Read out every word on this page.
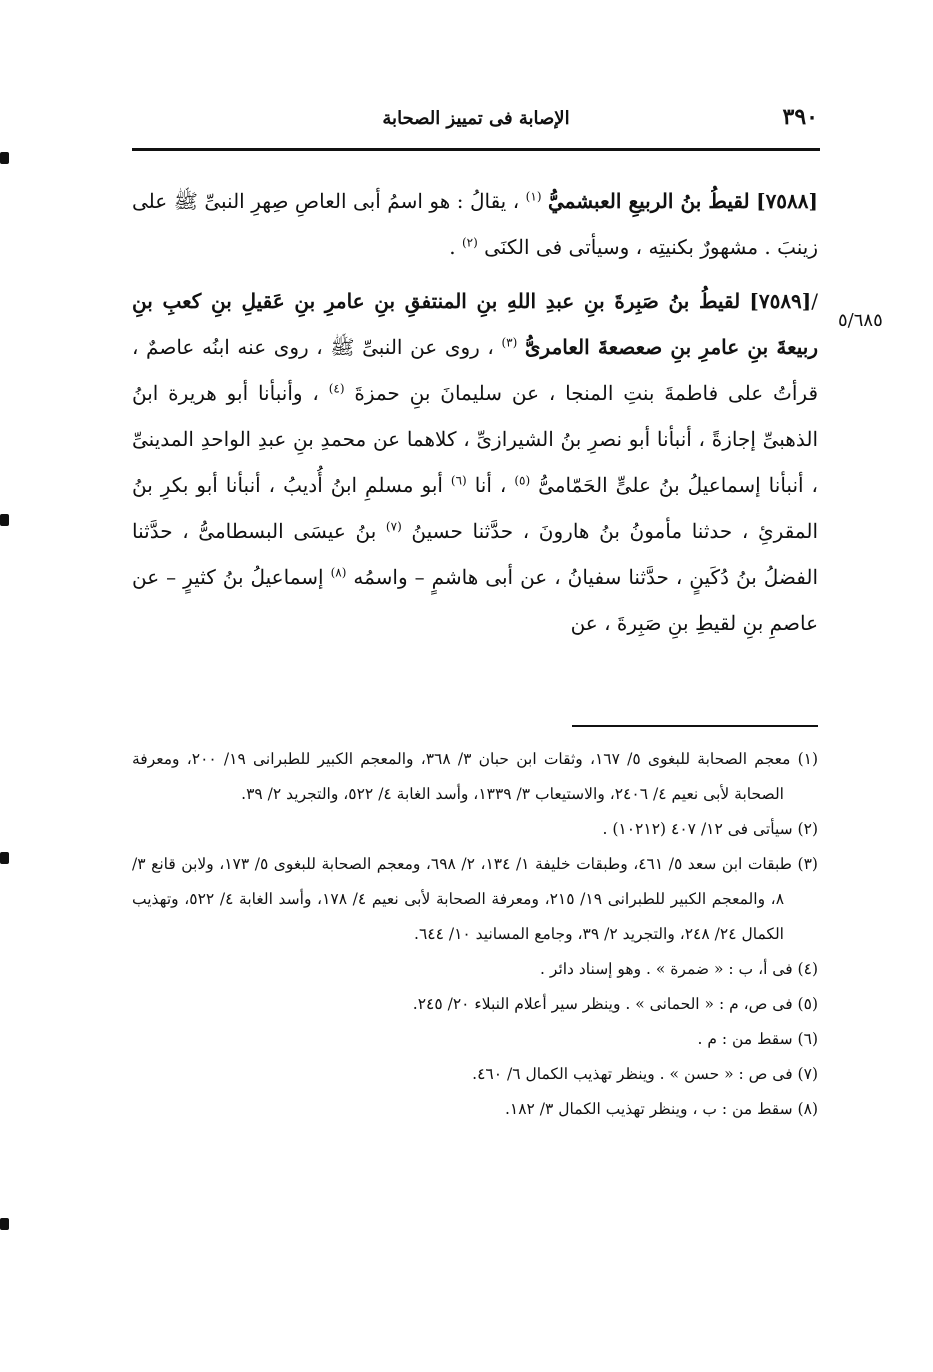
٣٩٠
الإصابة فى تمييز الصحابة
٥/٦٨٥

[٧٥٨٨] لقيطُ بنُ الربيعِ العبشميُّ $^{(١)}$ ، يقالُ : هو اسمُ أبى العاصِ صِهرِ النبىِّ ﷺ على زينبَ . مشهورٌ بكنيتِه ، وسيأتى فى الكنَى $^{(٢)}$ .

/[٧٥٨٩] لقيطُ بنُ صَبِرةَ بنِ عبدِ اللهِ بنِ المنتفقِ بنِ عامرِ بنِ عَقيلِ بنِ كعبِ بنِ ربيعةَ بنِ عامرِ بنِ صعصعةَ العامرىُّ $^{(٣)}$ ، روى عن النبىِّ ﷺ ، روى عنه ابنُه عاصمٌ ، قرأتُ على فاطمةَ بنتِ المنجا ، عن سليمانَ بنِ حمزةَ $^{(٤)}$ ، وأنبأنا أبو هريرة ابنُ الذهبىِّ إجازةً ، أنبأنا أبو نصرِ بنُ الشيرازىِّ ، كلاهما عن محمدِ بنِ عبدِ الواحدِ المدينىِّ ، أنبأنا إسماعيلُ بنُ علىٍّ الحَمّامىُّ $^{(٥)}$ ، أنا $^{(٦)}$ أبو مسلمِ ابنُ أُديبُ ، أنبأنا أبو بكرِ بنُ المقرئِ ، حدثنا مأمونُ بنُ هارونَ ، حدَّثنا حسينُ $^{(٧)}$ بنُ عيسَى البسطامىُّ ، حدَّثنا الفضلُ بنُ دُكَينٍ ، حدَّثنا سفيانُ ، عن أبى هاشمٍ – واسمُه $^{(٨)}$ إسماعيلُ بنُ كثيرٍ – عن عاصمِ بنِ لقيطِ بنِ صَبِرةَ ، عن

(١) معجم الصحابة للبغوى ٥/ ١٦٧، وثقات ابن حبان ٣/ ٣٦٨، والمعجم الكبير للطبرانى ١٩/ ٢٠٠، ومعرفة الصحابة لأبى نعيم ٤/ ٢٤٠٦، والاستيعاب ٣/ ١٣٣٩، وأسد الغابة ٤/ ٥٢٢، والتجريد ٢/ ٣٩.

(٢) سيأتى فى ١٢/ ٤٠٧ (١٠٢١٢) .

(٣) طبقات ابن سعد ٥/ ٤٦١، وطبقات خليفة ١/ ١٣٤، ٢/ ٦٩٨، ومعجم الصحابة للبغوى ٥/ ١٧٣، ولابن قانع ٣/ ٨، والمعجم الكبير للطبرانى ١٩/ ٢١٥، ومعرفة الصحابة لأبى نعيم ٤/ ١٧٨، وأسد الغابة ٤/ ٥٢٢، وتهذيب الكمال ٢٤/ ٢٤٨، والتجريد ٢/ ٣٩، وجامع المسانيد ١٠/ ٦٤٤.

(٤) فى أ، ب : « ضمرة » . وهو إسناد دائر .

(٥) فى ص، م : « الحمانى » . وينظر سير أعلام النبلاء ٢٠/ ٢٤٥.

(٦) سقط من : م .

(٧) فى ص : « حسن » . وينظر تهذيب الكمال ٦/ ٤٦٠.

(٨) سقط من : ب ، وينظر تهذيب الكمال ٣/ ١٨٢.
